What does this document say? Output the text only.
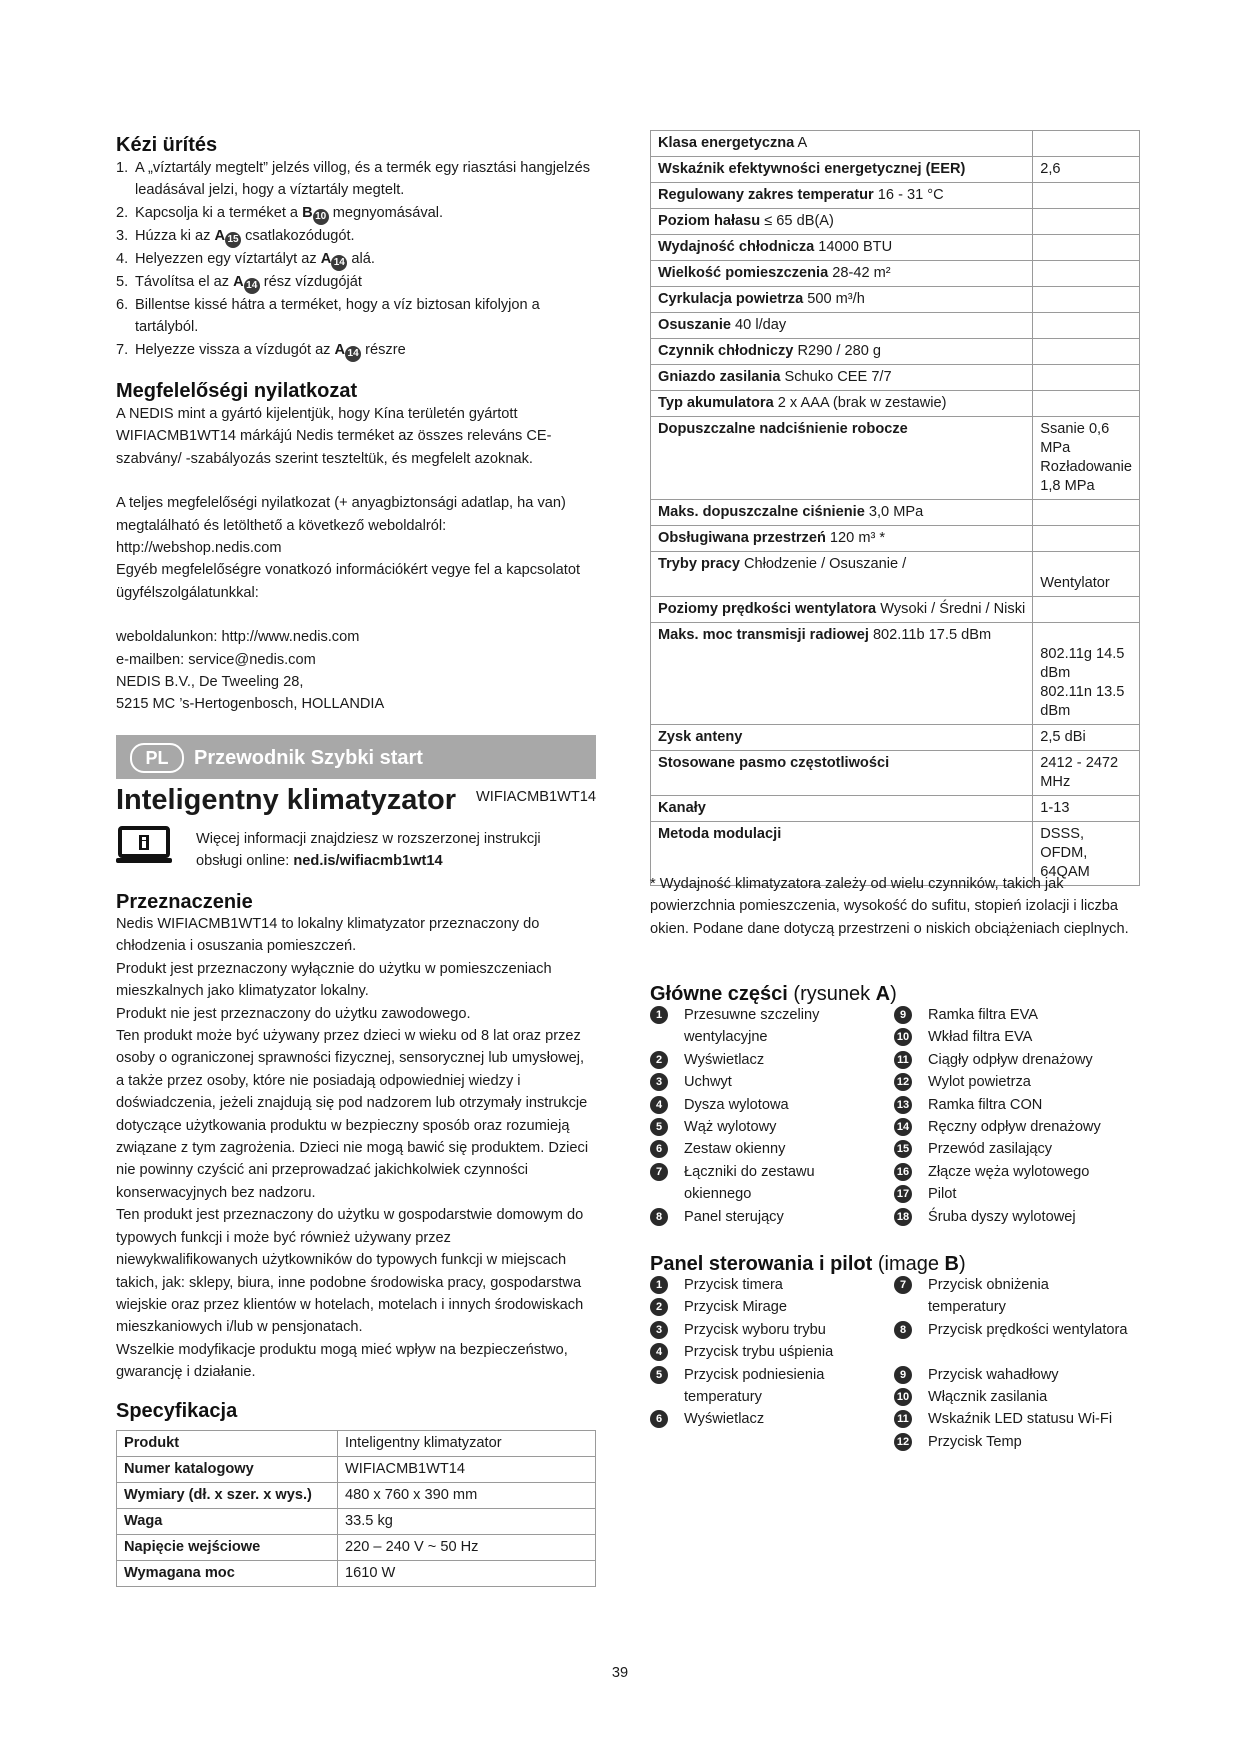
Kézi ürítés
1. A „víztartály megtelt” jelzés villog, és a termék egy riasztási hangjelzés leadásával jelzi, hogy a víztartály megtelt.
2. Kapcsolja ki a terméket a B 10 megnyomásával.
3. Húzza ki az A 15 csatlakozódugót.
4. Helyezzen egy víztartályt az A 14 alá.
5. Távolítsa el az A 14 rész vízdugóját
6. Billentse kissé hátra a terméket, hogy a víz biztosan kifolyjon a tartályból.
7. Helyezze vissza a vízdugót az A 14 részre
Megfelelőségi nyilatkozat

A NEDIS mint a gyártó kijelentjük, hogy Kína területén gyártott WIFIACMB1WT14 márkájú Nedis terméket az összes releváns CE-szabvány/ -szabályozás szerint teszteltük, és megfelelt azoknak.

A teljes megfelelőségi nyilatkozat (+ anyagbiztonsági adatlap, ha van) megtalálható és letölthető a következő weboldalról: http://webshop.nedis.com

Egyéb megfelelőségre vonatkozó információkért vegye fel a kapcsolatot ügyfélszolgálatunkkal:

weboldalunkon: http://www.nedis.com

e-mailben: service@nedis.com

NEDIS B.V., De Tweeling 28,

5215 MC ’s-Hertogenbosch, HOLLANDIA

PL	Przewodnik Szybki start
Inteligentny klimatyzator	WIFIACMB1WT14

Więcej informacji znajdziesz w rozszerzonej instrukcji

obsługi online: ned.is/wifiacmb1wt14

Przeznaczenie
Nedis WIFIACMB1WT14 to lokalny klimatyzator przeznaczony do chłodzenia i osuszania pomieszczeń.
Produkt jest przeznaczony wyłącznie do użytku w pomieszczeniach mieszkalnych jako klimatyzator lokalny.
Produkt nie jest przeznaczony do użytku zawodowego.
Ten produkt może być używany przez dzieci w wieku od 8 lat oraz przez osoby o ograniczonej sprawności fizycznej, sensorycznej lub umysłowej, a także przez osoby, które nie posiadają odpowiedniej wiedzy i doświadczenia, jeżeli znajdują się pod nadzorem lub otrzymały instrukcje dotyczące użytkowania produktu w bezpieczny sposób oraz rozumieją związane z tym zagrożenia. Dzieci nie mogą bawić się produktem. Dzieci nie powinny czyścić ani przeprowadzać jakichkolwiek czynności konserwacyjnych bez nadzoru.
Ten produkt jest przeznaczony do użytku w gospodarstwie domowym do typowych funkcji i może być również używany przez niewykwalifikowanych użytkowników do typowych funkcji w miejscach takich, jak: sklepy, biura, inne podobne środowiska pracy, gospodarstwa wiejskie oraz przez klientów w hotelach, motelach i innych środowiskach mieszkaniowych i/lub w pensjonatach.
Wszelkie modyfikacje produktu mogą mieć wpływ na bezpieczeństwo, gwarancję i działanie.
Specyfikacja
Produkt	Inteligentny klimatyzator
Numer katalogowy	WIFIACMB1WT14
Wymiary (dł. x szer. x wys.)	480 x 760 x 390 mm
Waga	33.5 kg
Napięcie wejściowe	220 – 240 V ~ 50 Hz
Wymagana moc	1610 W
Klasa energetyczna A	
Wskaźnik efektywności energetycznej (EER)	2,6
Regulowany zakres temperatur 16 - 31 °C	
Poziom hałasu ≤ 65 dB(A)	
Wydajność chłodnicza 14000 BTU	
Wielkość pomieszczenia 28-42 m²	
Cyrkulacja powietrza 500 m³/h	
Osuszanie 40 l/day	
Czynnik chłodniczy R290 / 280 g	
Gniazdo zasilania Schuko CEE 7/7	
Typ akumulatora 2 x AAA (brak w zestawie)	
Dopuszczalne nadciśnienie robocze	Ssanie 0,6 MPa
Rozładowanie 1,8 MPa
Maks. dopuszczalne ciśnienie 3,0 MPa	
Obsługiwana przestrzeń 120 m³ *	
Tryby pracy Chłodzenie / Osuszanie /	Wentylator
Poziomy prędkości wentylatora Wysoki / Średni / Niski	
Maks. moc transmisji radiowej 802.11b 17.5 dBm	802.11g 14.5 dBm
802.11n 13.5 dBm
Zysk anteny	2,5 dBi
Stosowane pasmo częstotliwości	2412 - 2472 MHz
Kanały	1-13
Metoda modulacji	DSSS, OFDM, 64QAM
* Wydajność klimatyzatora zależy od wielu czynników, takich jak powierzchnia pomieszczenia, wysokość do sufitu, stopień izolacji i liczba okien. Podane dane dotyczą przestrzeni o niskich obciążeniach cieplnych.
Główne części (rysunek A)
1	Przesuwne szczeliny wentylacyjne
2	Wyświetlacz
3	Uchwyt
4	Dysza wylotowa
5	Wąż wylotowy
6	Zestaw okienny
7	Łączniki do zestawu okiennego
8	Panel sterujący
9	Ramka filtra EVA
10 Wkład filtra EVA
11 Ciągły odpływ drenażowy
12 Wylot powietrza
13 Ramka filtra CON
14 Ręczny odpływ drenażowy
15 Przewód zasilający
16 Złącze węża wylotowego
17 Pilot
18 Śruba dyszy wylotowej
Panel sterowania i pilot (image B)
1	Przycisk timera
2	Przycisk Mirage
3	Przycisk wyboru trybu
4	Przycisk trybu uśpienia
5	Przycisk podniesienia temperatury
6	Wyświetlacz
7	Przycisk obniżenia temperatury
8	Przycisk prędkości wentylatora
9	Przycisk wahadłowy
10 Włącznik zasilania
11 Wskaźnik LED statusu Wi-Fi
12 Przycisk Temp
39
